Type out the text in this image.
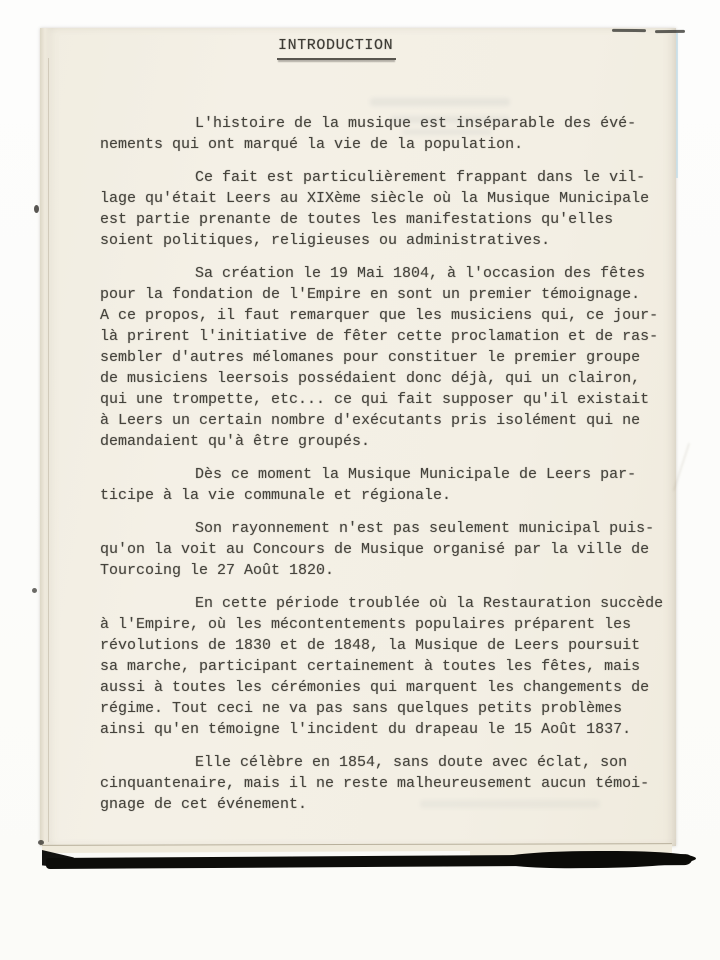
INTRODUCTION

L'histoire de la musique est inséparable des évé-
nements qui ont marqué la vie de la population.

Ce fait est particulièrement frappant dans le vil-
lage qu'était Leers au XIXème siècle où la Musique Municipale
est partie prenante de toutes les manifestations qu'elles
soient politiques, religieuses ou administratives.

Sa création le 19 Mai 1804, à l'occasion des fêtes
pour la fondation de l'Empire en sont un premier témoignage.
A ce propos, il faut remarquer que les musiciens qui, ce jour-
là prirent l'initiative de fêter cette proclamation et de ras-
sembler d'autres mélomanes pour constituer le premier groupe
de musiciens leersois possédaient donc déjà, qui un clairon,
qui une trompette, etc... ce qui fait supposer qu'il existait
à Leers un certain nombre d'exécutants pris isolément qui ne
demandaient qu'à être groupés.

Dès ce moment la Musique Municipale de Leers par-
ticipe à la vie communale et régionale.

Son rayonnement n'est pas seulement municipal puis-
qu'on la voit au Concours de Musique organisé par la ville de
Tourcoing le 27 Août 1820.

En cette période troublée où la Restauration succède
à l'Empire, où les mécontentements populaires préparent les
révolutions de 1830 et de 1848, la Musique de Leers poursuit
sa marche, participant certainement à toutes les fêtes, mais
aussi à toutes les cérémonies qui marquent les changements de
régime. Tout ceci ne va pas sans quelques petits problèmes
ainsi qu'en témoigne l'incident du drapeau le 15 Août 1837.

Elle célèbre en 1854, sans doute avec éclat, son
cinquantenaire, mais il ne reste malheureusement aucun témoi-
gnage de cet événement.
